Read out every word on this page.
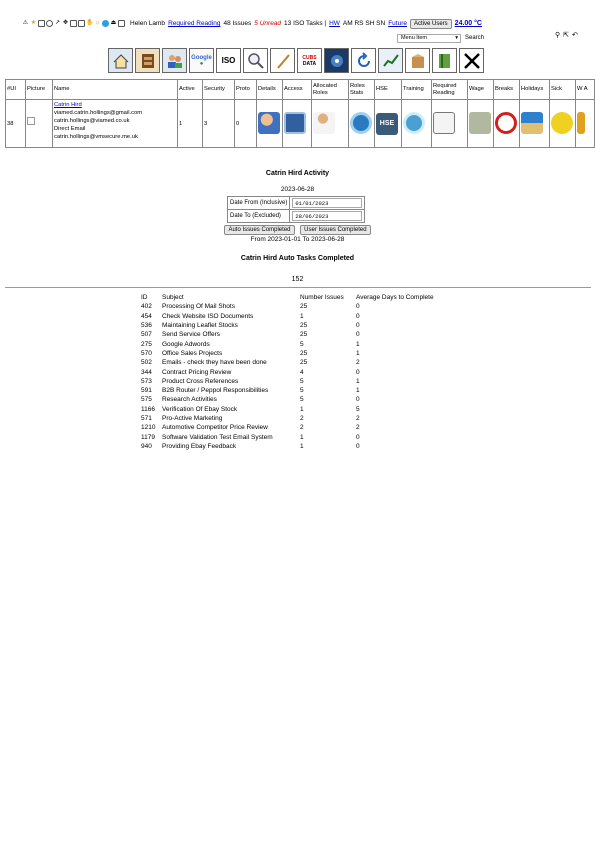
⚠ ★	↗ ✥	✋ ☼ ⏏ Helen Lamb Required Reading 48 Issues 5 Unread 13 ISO Tasks | HW AM RS SH SN Future	Active Users	24.00 °C
⚲ ⇱ ↶
Menu Item	▾ Search
Google
●	ISO	CUBS
DATA
#UI	Picture	Name	Active	Security	Proto	Details	Access	Allocated Roles	Roles Stats	HSE	Training	Required Reading	Wage	Breaks	Holidays	Sick	W A
38		Catrin Hird
viamed.catrin.hollings@gmail.com
catrin.hollings@viamed.co.uk
Direct Email
catrin.hollings@vmsecure.me.uk	1	3	0					HSE							
Catrin Hird Activity
2023-06-28
Date From (Inclusive)	01/01/2023

Date To (Excluded)	28/06/2023
Auto Issues Completed User Issues Completed
From 2023-01-01 To 2023-06-28
Catrin Hird Auto Tasks Completed
152
ID	Subject	Number Issues	Average Days to Complete
402	Processing Of Mail Shots	25	0
454	Check Website ISO Documents	1	0
536	Maintaining Leaflet Stocks	25	0
507	Send Service Offers	25	0
275	Google Adwords	5	1
570	Office Sales Projects	25	1
502	Emails - check they have been done	25	2
344	Contract Pricing Review	4	0
573	Product Cross References	5	1
591	B2B Router / Peppol Responsibilities	5	1
575	Research Activities	5	0
1166	Verification Of Ebay Stock	1	5
571	Pro-Active Marketing	2	2
1210	Automotive Competitor Price Review	2	2
1179	Software Validation Test Email System	1	0
940	Providing Ebay Feedback	1	0
